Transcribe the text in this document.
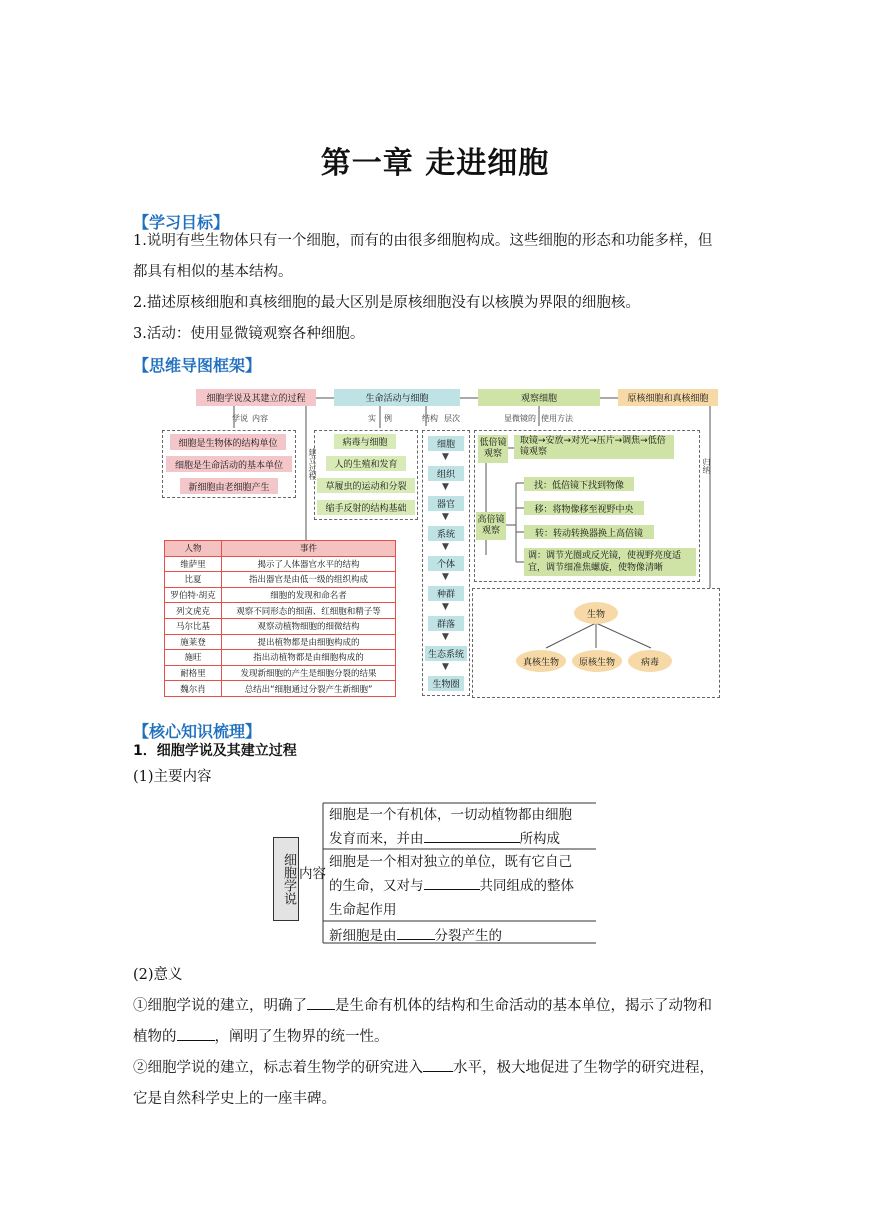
第一章 走进细胞
【学习目标】

1.说明有些生物体只有一个细胞，而有的由很多细胞构成。这些细胞的形态和功能多样，但

都具有相似的基本结构。

2.描述原核细胞和真核细胞的最大区别是原核细胞没有以核膜为界限的细胞核。

3.活动：使用显微镜观察各种细胞。

【思维导图框架】
细胞学说及其建立的过程	生命活动与细胞	观察细胞	原核细胞和真核细胞
学说 内容	实　例	结构 层次	显微镜的 使用方法
建立过程	归纳
细胞是生物体的结构单位
细胞是生命活动的基本单位
新细胞由老细胞产生
病毒与细胞
人的生殖和发育
草履虫的运动和分裂
缩手反射的结构基础
细胞
▼
组织
▼
器官
▼
系统
▼
个体
▼
种群
▼
群落
▼
生态系统
▼
生物圈
低倍镜观察
取镜→安放→对光→压片→调焦→低倍镜观察
高倍镜观察
找：低倍镜下找到物像
移：将物像移至视野中央
转：转动转换器换上高倍镜
调：调节光圈或反光镜，使视野亮度适宜，调节细准焦螺旋，使物像清晰
生物
真核生物	原核生物	病毒
人物	事件
维萨里	揭示了人体器官水平的结构
比夏	指出器官是由低一级的组织构成
罗伯特·胡克	细胞的发现和命名者
列文虎克	观察不同形态的细菌、红细胞和精子等
马尔比基	观察动植物细胞的细微结构
施莱登	提出植物都是由细胞构成的
施旺	指出动植物都是由细胞构成的
耐格里	发现新细胞的产生是细胞分裂的结果
魏尔肖	总结出“细胞通过分裂产生新细胞”
【核心知识梳理】
1．细胞学说及其建立过程
(1)主要内容
细胞学说 内容
细胞是一个有机体，一切动植物都由细胞
发育而来，并由	所构成
细胞是一个相对独立的单位，既有它自己
的生命，又对与	共同组成的整体
生命起作用
新细胞是由	分裂产生的

(2)意义

①细胞学说的建立，明确了 是生命有机体的结构和生命活动的基本单位，揭示了动物和

植物的	，阐明了生物界的统一性。

②细胞学说的建立，标志着生物学的研究进入 水平，极大地促进了生物学的研究进程，

它是自然科学史上的一座丰碑。
